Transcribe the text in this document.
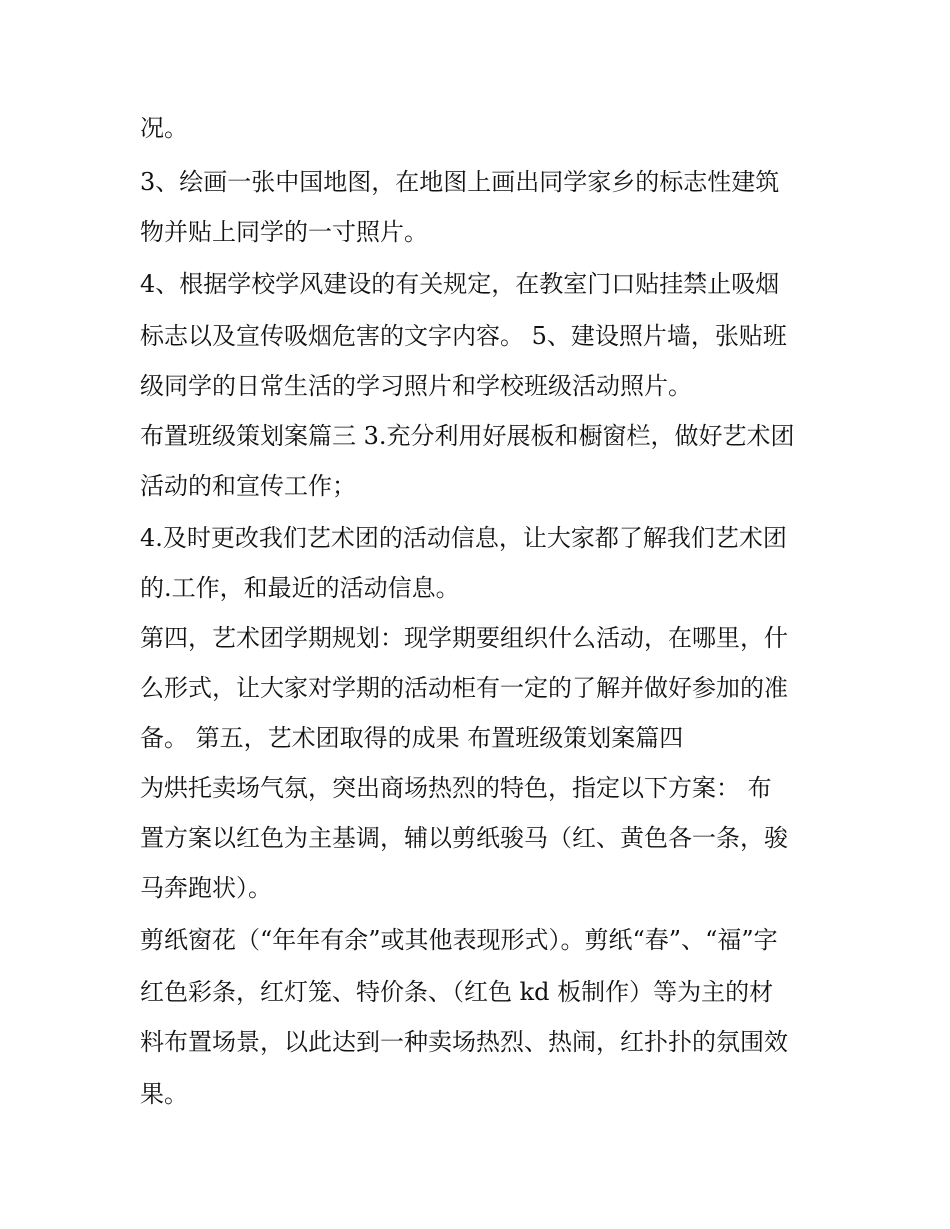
况。
3、绘画一张中国地图，在地图上画出同学家乡的标志性建筑
物并贴上同学的一寸照片。
4、根据学校学风建设的有关规定，在教室门口贴挂禁止吸烟
标志以及宣传吸烟危害的文字内容。 5、建设照片墙，张贴班
级同学的日常生活的学习照片和学校班级活动照片。
布置班级策划案篇三 3.充分利用好展板和橱窗栏，做好艺术团
活动的和宣传工作；
4.及时更改我们艺术团的活动信息，让大家都了解我们艺术团
的.工作，和最近的活动信息。
第四，艺术团学期规划：现学期要组织什么活动，在哪里，什
么形式，让大家对学期的活动柜有一定的了解并做好参加的准
备。 第五，艺术团取得的成果 布置班级策划案篇四
为烘托卖场气氛，突出商场热烈的特色，指定以下方案： 布
置方案以红色为主基调，辅以剪纸骏马（红、黄色各一条，骏
马奔跑状）。
剪纸窗花（“年年有余”或其他表现形式）。剪纸“春”、“福”字
红色彩条，红灯笼、特价条、（红色 kd 板制作）等为主的材
料布置场景，以此达到一种卖场热烈、热闹，红扑扑的氛围效
果。
